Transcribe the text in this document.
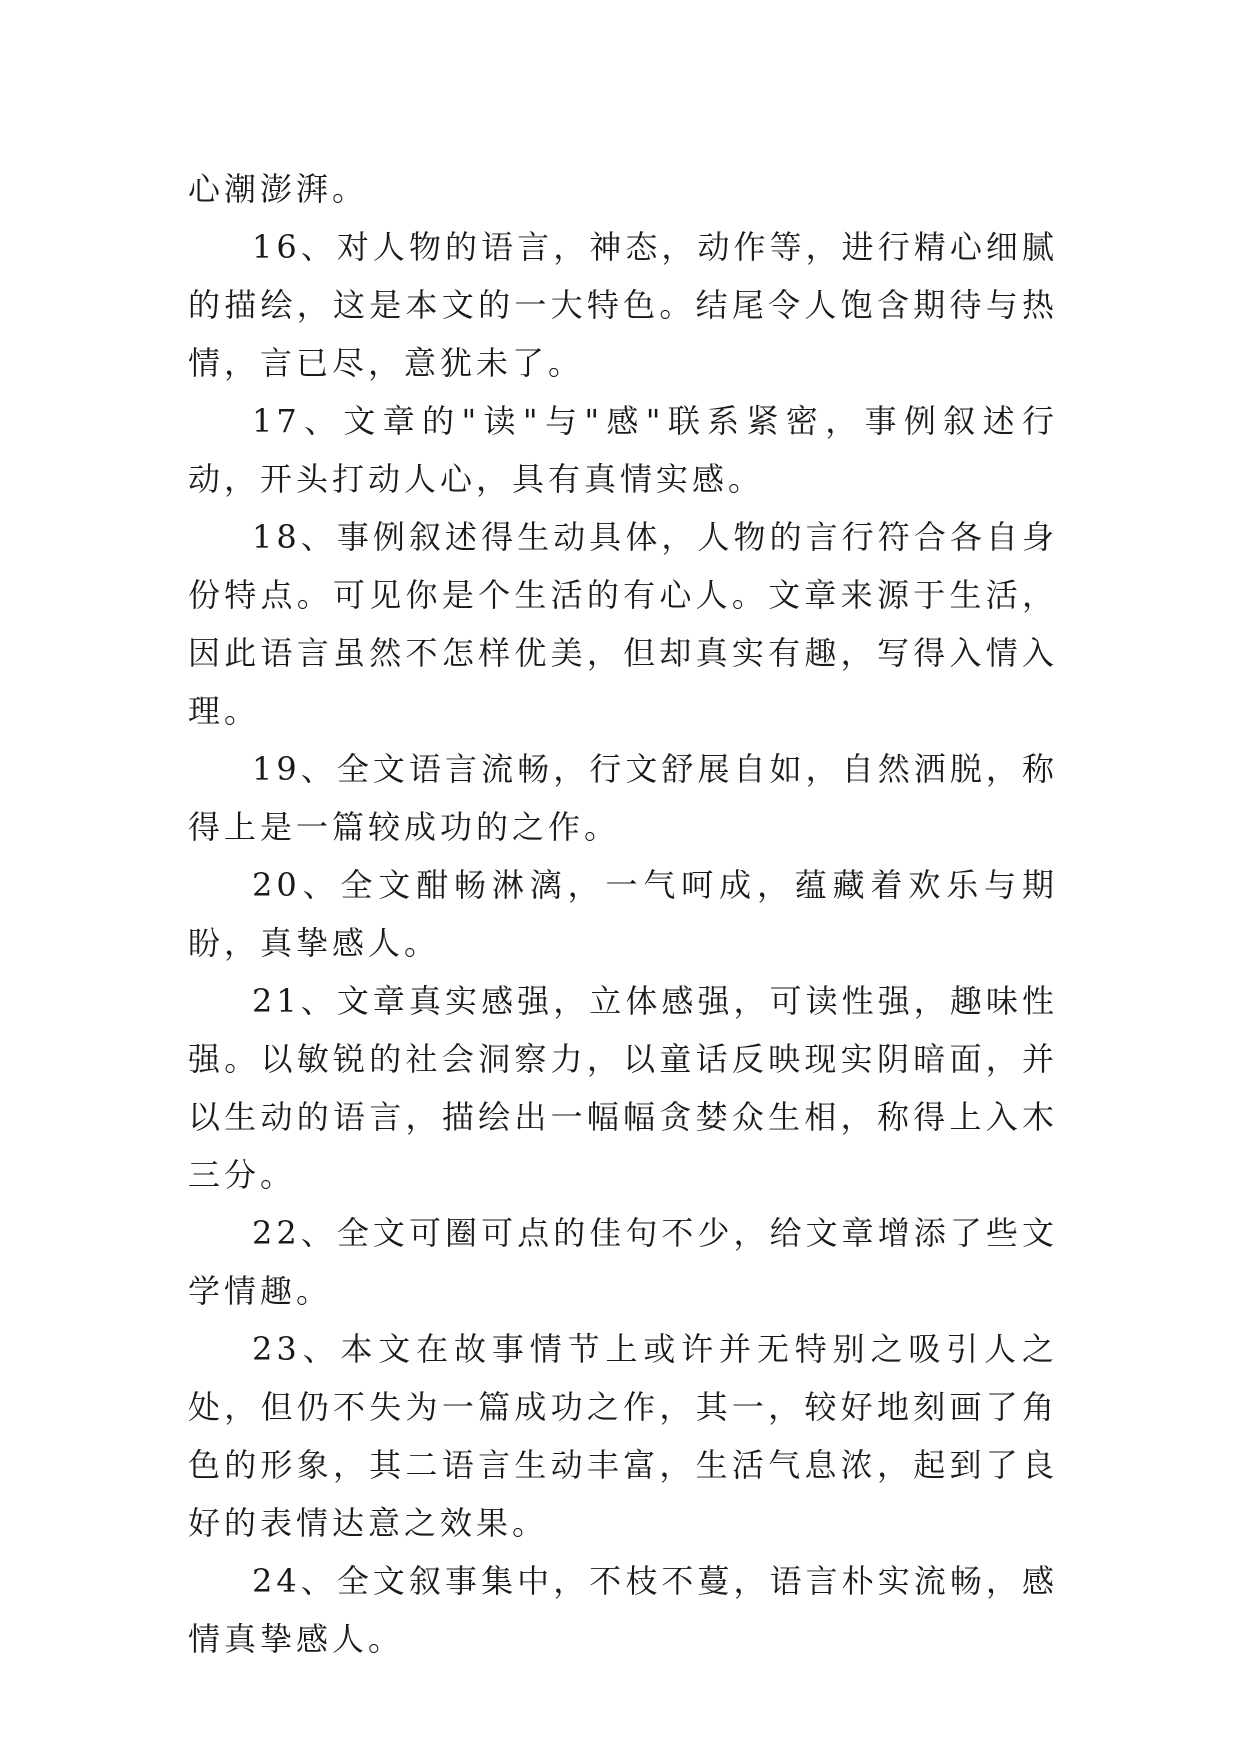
心潮澎湃。

16、对人物的语言，神态，动作等，进行精心细腻的描绘，这是本文的一大特色。结尾令人饱含期待与热情，言已尽，意犹未了。

17、文章的"读"与"感"联系紧密，事例叙述行动，开头打动人心，具有真情实感。

18、事例叙述得生动具体，人物的言行符合各自身份特点。可见你是个生活的有心人。文章来源于生活，因此语言虽然不怎样优美，但却真实有趣，写得入情入理。

19、全文语言流畅，行文舒展自如，自然洒脱，称得上是一篇较成功的之作。

20、全文酣畅淋漓，一气呵成，蕴藏着欢乐与期盼，真挚感人。

21、文章真实感强，立体感强，可读性强，趣味性强。以敏锐的社会洞察力，以童话反映现实阴暗面，并以生动的语言，描绘出一幅幅贪婪众生相，称得上入木三分。

22、全文可圈可点的佳句不少，给文章增添了些文学情趣。

23、本文在故事情节上或许并无特别之吸引人之处，但仍不失为一篇成功之作，其一，较好地刻画了角色的形象，其二语言生动丰富，生活气息浓，起到了良好的表情达意之效果。

24、全文叙事集中，不枝不蔓，语言朴实流畅，感情真挚感人。
